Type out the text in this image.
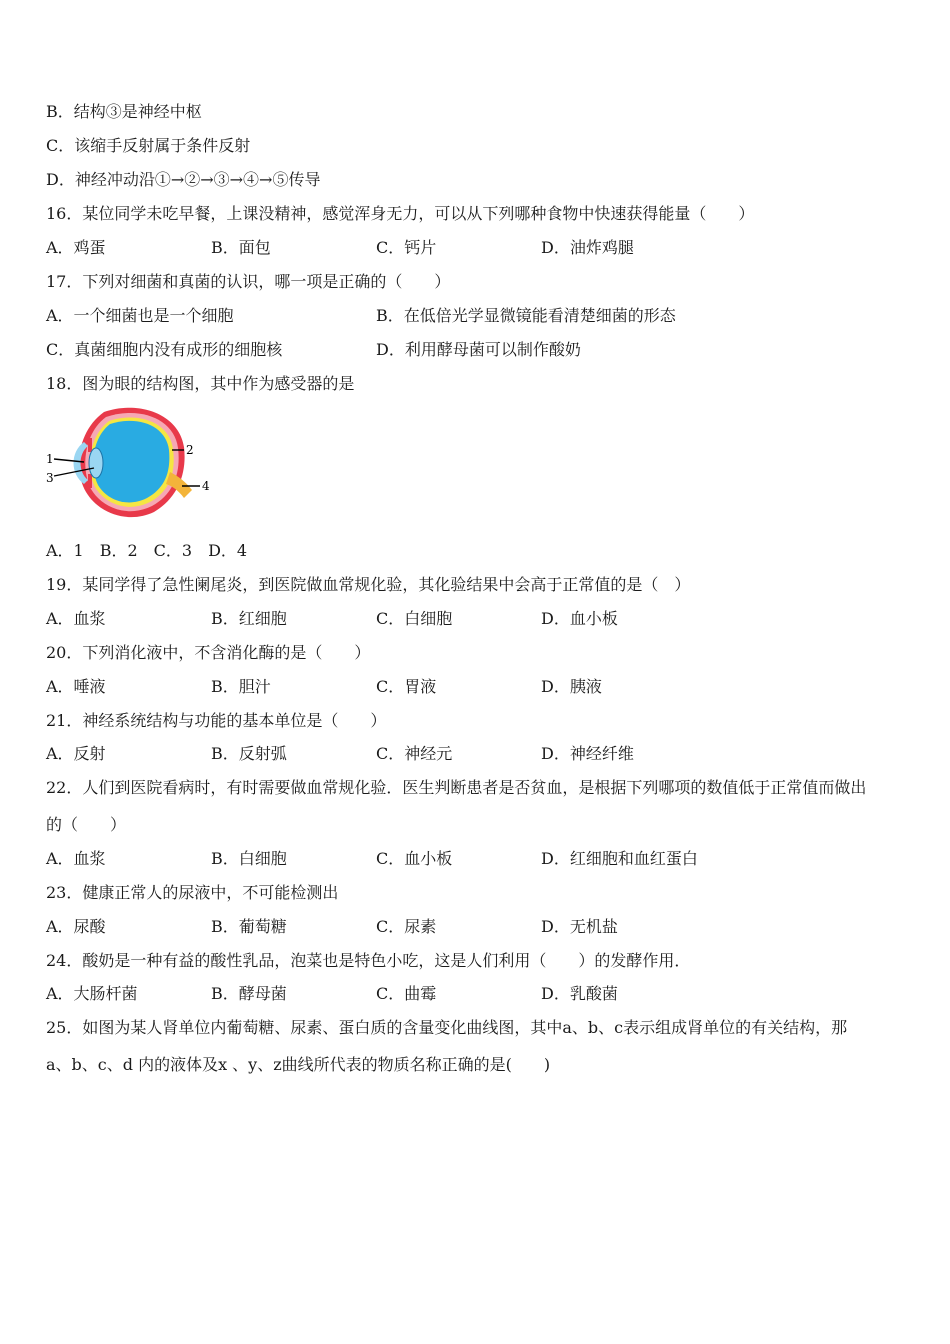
B．结构③是神经中枢
C．该缩手反射属于条件反射
D．神经冲动沿①→②→③→④→⑤传导
16．某位同学未吃早餐，上课没精神，感觉浑身无力，可以从下列哪种食物中快速获得能量（　　）
A．鸡蛋	B．面包	C．钙片	D．油炸鸡腿
17．下列对细菌和真菌的认识，哪一项是正确的（　　）
A．一个细菌也是一个细胞	B．在低倍光学显微镜能看清楚细菌的形态
C．真菌细胞内没有成形的细胞核	D．利用酵母菌可以制作酸奶
18．图为眼的结构图，其中作为感受器的是
1
2
3
4
A．1　B．2　C．3　D．4
19．某同学得了急性阑尾炎，到医院做血常规化验，其化验结果中会高于正常值的是（　）
A．血浆	B．红细胞	C．白细胞	D．血小板
20．下列消化液中，不含消化酶的是（　　）
A．唾液	B．胆汁	C．胃液	D．胰液
21．神经系统结构与功能的基本单位是（　　）
A．反射	B．反射弧	C．神经元	D．神经纤维
22．人们到医院看病时，有时需要做血常规化验．医生判断患者是否贫血，是根据下列哪项的数值低于正常值而做出
的（　　）
A．血浆	B．白细胞	C．血小板	D．红细胞和血红蛋白
23．健康正常人的尿液中，不可能检测出
A．尿酸	B．葡萄糖	C．尿素	D．无机盐
24．酸奶是一种有益的酸性乳品，泡菜也是特色小吃，这是人们利用（　　）的发酵作用．
A．大肠杆菌	B．酵母菌	C．曲霉	D．乳酸菌
25．如图为某人肾单位内葡萄糖、尿素、蛋白质的含量变化曲线图，其中a、b、c表示组成肾单位的有关结构，那
a、b、c、d 内的液体及x 、y、z曲线所代表的物质名称正确的是(　　)
